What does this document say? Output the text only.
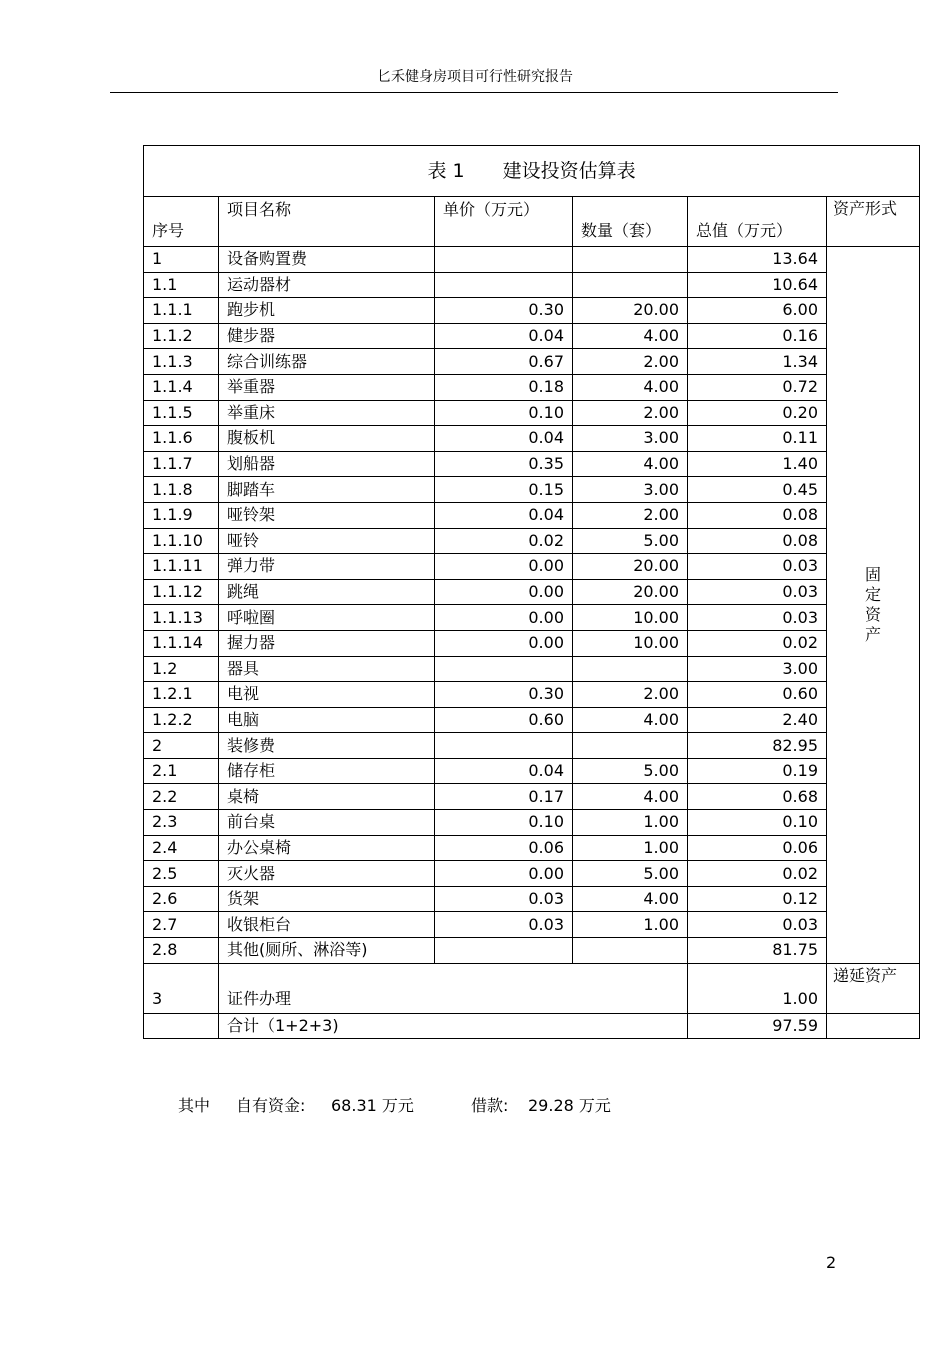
匕禾健身房项目可行性研究报告
表 1　　建设投资估算表					
序号	项目名称	单价（万元）	数量（套）	总值（万元）	资产形式
1	设备购置费			13.64	固
定
资
产

1.1	运动器材			10.64	
1.1.1	跑步机	0.30	20.00	6.00	
1.1.2	健步器	0.04	4.00	0.16	
1.1.3	综合训练器	0.67	2.00	1.34	
1.1.4	举重器	0.18	4.00	0.72	
1.1.5	举重床	0.10	2.00	0.20	
1.1.6	腹板机	0.04	3.00	0.11	
1.1.7	划船器	0.35	4.00	1.40	
1.1.8	脚踏车	0.15	3.00	0.45	
1.1.9	哑铃架	0.04	2.00	0.08	
1.1.10	哑铃	0.02	5.00	0.08	
1.1.11	弹力带	0.00	20.00	0.03	
1.1.12	跳绳	0.00	20.00	0.03	
1.1.13	呼啦圈	0.00	10.00	0.03	
1.1.14	握力器	0.00	10.00	0.02	
1.2	器具			3.00	
1.2.1	电视	0.30	2.00	0.60	
1.2.2	电脑	0.60	4.00	2.40	
2	装修费			82.95	
2.1	储存柜	0.04	5.00	0.19	
2.2	桌椅	0.17	4.00	0.68	
2.3	前台桌	0.10	1.00	0.10	
2.4	办公桌椅	0.06	1.00	0.06	
2.5	灭火器	0.00	5.00	0.02	
2.6	货架	0.03	4.00	0.12	
2.7	收银柜台	0.03	1.00	0.03	
2.8	其他(厕所、淋浴等)			81.75	
3	证件办理			1.00	递延资产
	合计（1+2+3)			97.59	
其中 自有资金: 68.31 万元	借款: 29.28 万元
2
